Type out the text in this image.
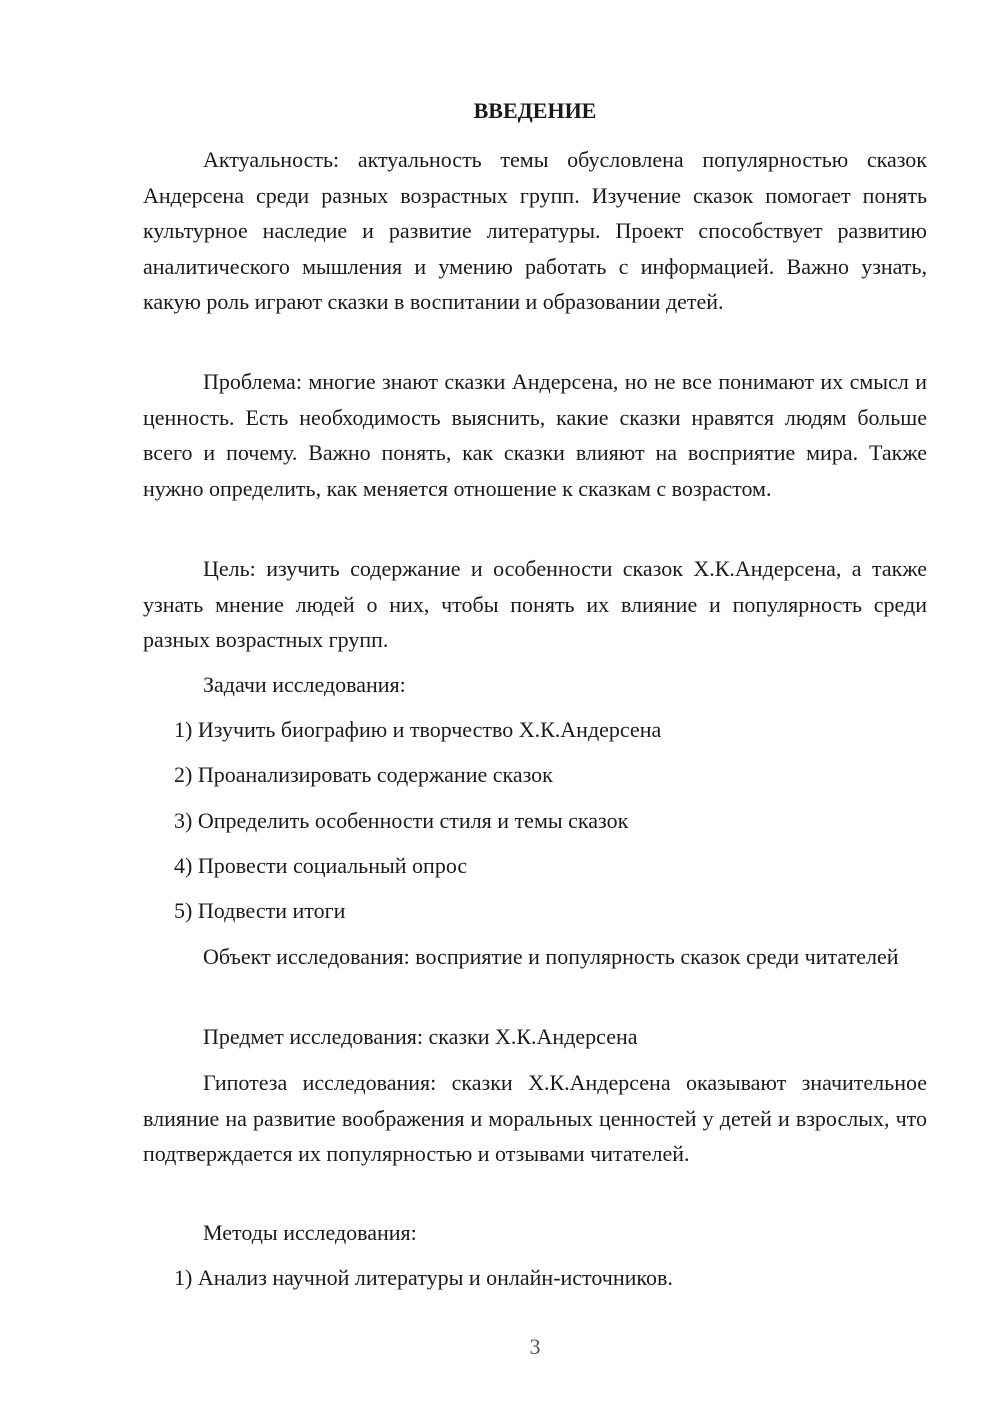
ВВЕДЕНИЕ

Актуальность: актуальность темы обусловлена популярностью сказок Андерсена среди разных возрастных групп. Изучение сказок помогает понять культурное наследие и развитие литературы. Проект способствует развитию аналитического мышления и умению работать с информацией. Важно узнать, какую роль играют сказки в воспитании и образовании детей.

Проблема: многие знают сказки Андерсена, но не все понимают их смысл и ценность. Есть необходимость выяснить, какие сказки нравятся людям больше всего и почему. Важно понять, как сказки влияют на восприятие мира. Также нужно определить, как меняется отношение к сказкам с возрастом.

Цель: изучить содержание и особенности сказок Х.К.Андерсена, а также узнать мнение людей о них, чтобы понять их влияние и популярность среди разных возрастных групп.

Задачи исследования:

1) Изучить биографию и творчество Х.К.Андерсена

2) Проанализировать содержание сказок

3) Определить особенности стиля и темы сказок

4) Провести социальный опрос

5) Подвести итоги

Объект исследования: восприятие и популярность сказок среди читателей

Предмет исследования: сказки Х.К.Андерсена

Гипотеза исследования: сказки Х.К.Андерсена оказывают значительное влияние на развитие воображения и моральных ценностей у детей и взрослых, что подтверждается их популярностью и отзывами читателей.

Методы исследования:

1) Анализ научной литературы и онлайн-источников.

3
